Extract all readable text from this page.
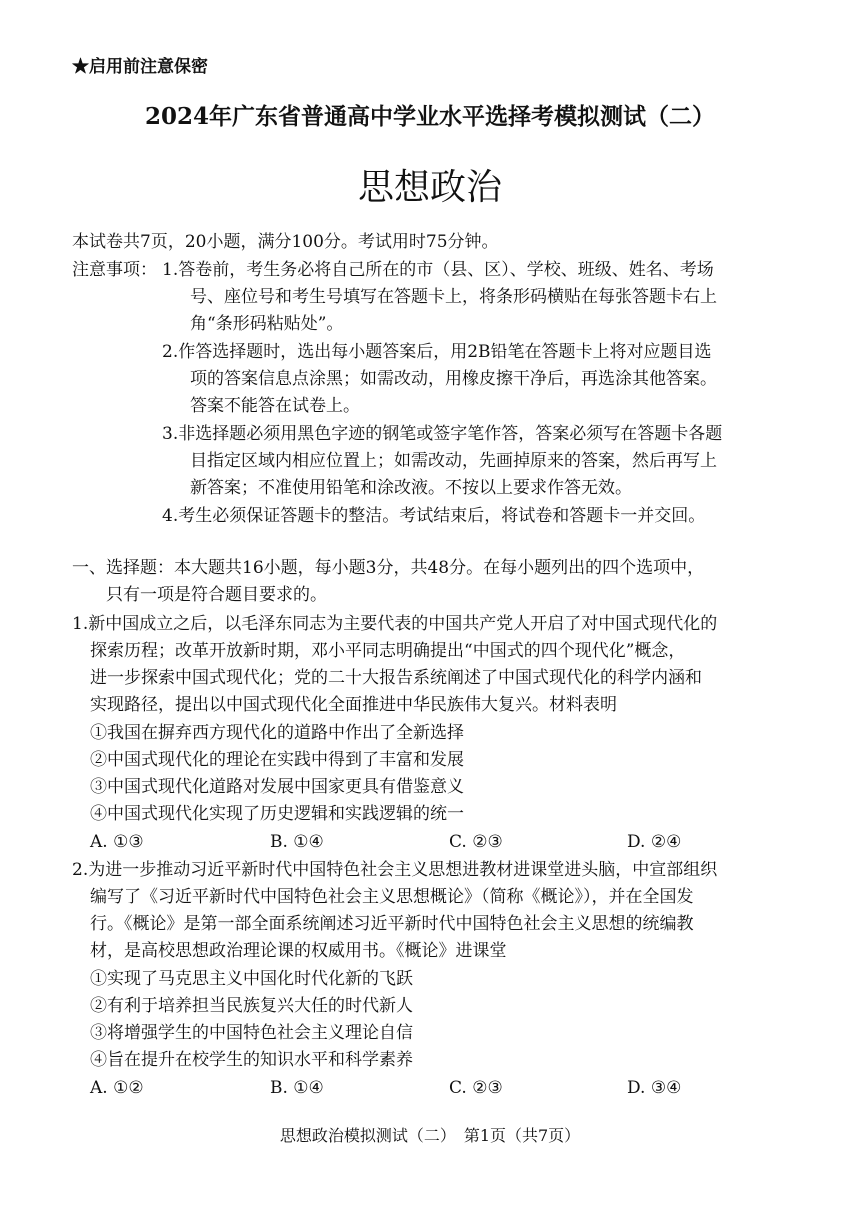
★启用前注意保密
2024年广东省普通高中学业水平选择考模拟测试（二）
思想政治
本试卷共7页，20小题，满分100分。考试用时75分钟。
注意事项： 1.答卷前，考生务必将自己所在的市（县、区）、学校、班级、姓名、考场
号、座位号和考生号填写在答题卡上，将条形码横贴在每张答题卡右上
角“条形码粘贴处”。
2.作答选择题时，选出每小题答案后，用2B铅笔在答题卡上将对应题目选
项的答案信息点涂黑；如需改动，用橡皮擦干净后，再选涂其他答案。
答案不能答在试卷上。
3.非选择题必须用黑色字迹的钢笔或签字笔作答，答案必须写在答题卡各题
目指定区域内相应位置上；如需改动，先画掉原来的答案，然后再写上
新答案；不准使用铅笔和涂改液。不按以上要求作答无效。
4.考生必须保证答题卡的整洁。考试结束后，将试卷和答题卡一并交回。
一、选择题：本大题共16小题，每小题3分，共48分。在每小题列出的四个选项中，
只有一项是符合题目要求的。
1.新中国成立之后，以毛泽东同志为主要代表的中国共产党人开启了对中国式现代化的
探索历程；改革开放新时期，邓小平同志明确提出“中国式的四个现代化”概念，
进一步探索中国式现代化；党的二十大报告系统阐述了中国式现代化的科学内涵和
实现路径，提出以中国式现代化全面推进中华民族伟大复兴。材料表明
①我国在摒弃西方现代化的道路中作出了全新选择
②中国式现代化的理论在实践中得到了丰富和发展
③中国式现代化道路对发展中国家更具有借鉴意义
④中国式现代化实现了历史逻辑和实践逻辑的统一
A. ①③	B. ①④	C. ②③	D. ②④
2.为进一步推动习近平新时代中国特色社会主义思想进教材进课堂进头脑，中宣部组织
编写了《习近平新时代中国特色社会主义思想概论》（简称《概论》），并在全国发
行。《概论》是第一部全面系统阐述习近平新时代中国特色社会主义思想的统编教
材，是高校思想政治理论课的权威用书。《概论》进课堂
①实现了马克思主义中国化时代化新的飞跃
②有利于培养担当民族复兴大任的时代新人
③将增强学生的中国特色社会主义理论自信
④旨在提升在校学生的知识水平和科学素养
A. ①②	B. ①④	C. ②③	D. ③④
思想政治模拟测试（二）　第1页（共7页）
